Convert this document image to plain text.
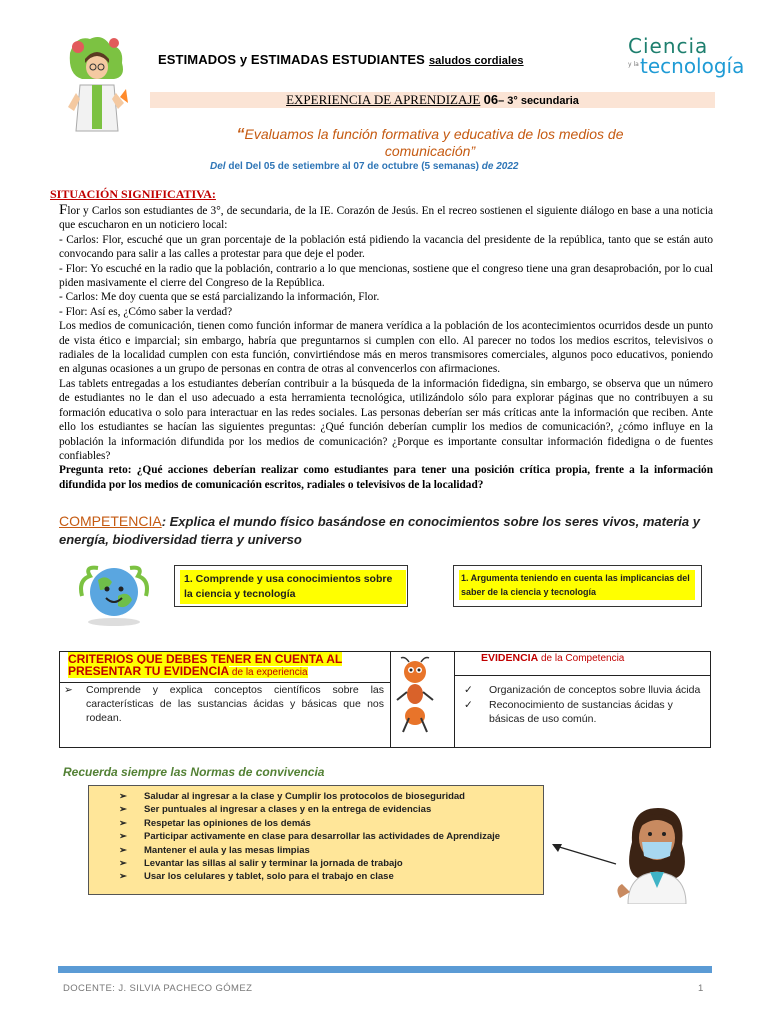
Ciencia
y la tecnología
ESTIMADOS y ESTIMADAS ESTUDIANTES saludos cordiales
EXPERIENCIA DE APRENDIZAJE 06– 3° secundaria
“Evaluamos la función formativa y educativa de los medios de comunicación”
Del del Del 05 de setiembre al 07 de octubre (5 semanas) de 2022
SITUACIÓN SIGNIFICATIVA:

Flor y Carlos son estudiantes de 3°, de secundaria, de la IE. Corazón de Jesús. En el recreo sostienen el siguiente diálogo en base a una noticia que escucharon en un noticiero local:

- Carlos: Flor, escuché que un gran porcentaje de la población está pidiendo la vacancia del presidente de la república, tanto que se están auto convocando para salir a las calles a protestar para que deje el poder.

- Flor: Yo escuché en la radio que la población, contrario a lo que mencionas, sostiene que el congreso tiene una gran desaprobación, por lo cual piden masivamente el cierre del Congreso de la República.

- Carlos: Me doy cuenta que se está parcializando la información, Flor.

- Flor: Así es, ¿Cómo saber la verdad?

Los medios de comunicación, tienen como función informar de manera verídica a la población de los acontecimientos ocurridos desde un punto de vista ético e imparcial; sin embargo, habría que preguntarnos si cumplen con ello. Al parecer no todos los medios escritos, televisivos o radiales de la localidad cumplen con esta función, convirtiéndose más en meros transmisores comerciales, algunos poco educativos, poniendo en algunas ocasiones a un grupo de personas en contra de otras al convencerlos con afirmaciones.

Las tablets entregadas a los estudiantes deberían contribuir a la búsqueda de la información fidedigna, sin embargo, se observa que un número de estudiantes no le dan el uso adecuado a esta herramienta tecnológica, utilizándolo sólo para explorar páginas que no contribuyen a su formación educativa o solo para interactuar en las redes sociales. Las personas deberían ser más críticas ante la información que reciben. Ante ello los estudiantes se hacían las siguientes preguntas: ¿Qué función deberían cumplir los medios de comunicación?, ¿cómo influye en la población la información difundida por los medios de comunicación? ¿Porque es importante consultar información fidedigna o de fuentes confiables?

Pregunta reto: ¿Qué acciones deberían realizar como estudiantes para tener una posición crítica propia, frente a la información difundida por los medios de comunicación escritos, radiales o televisivos de la localidad?

COMPETENCIA: Explica el mundo físico basándose en conocimientos sobre los seres vivos, materia y energía, biodiversidad tierra y universo
1. Comprende y usa conocimientos sobre la ciencia y tecnología
1. Argumenta teniendo en cuenta las implicancias del saber de la ciencia y tecnología
CRITERIOS QUE DEBES TENER EN CUENTA AL PRESENTAR TU EVIDENCIA de la experiencia
➢ Comprende y explica conceptos científicos sobre las características de las sustancias ácidas y básicas que nos rodean.
EVIDENCIA de la Competencia
✓ Organización de conceptos sobre lluvia ácida
✓ Reconocimiento de sustancias ácidas y básicas de uso común.
Recuerda siempre las Normas de convivencia
➢ Saludar al ingresar a la clase y Cumplir los protocolos de bioseguridad
➢ Ser puntuales al ingresar a clases y en la entrega de evidencias
➢ Respetar las opiniones de los demás
➢ Participar activamente en clase para desarrollar las actividades de Aprendizaje
➢ Mantener el aula y las mesas limpias
➢ Levantar las sillas al salir y terminar la jornada de trabajo
➢ Usar los celulares y tablet, solo para el trabajo en clase
DOCENTE: J. SILVIA PACHECO GÓMEZ	1
